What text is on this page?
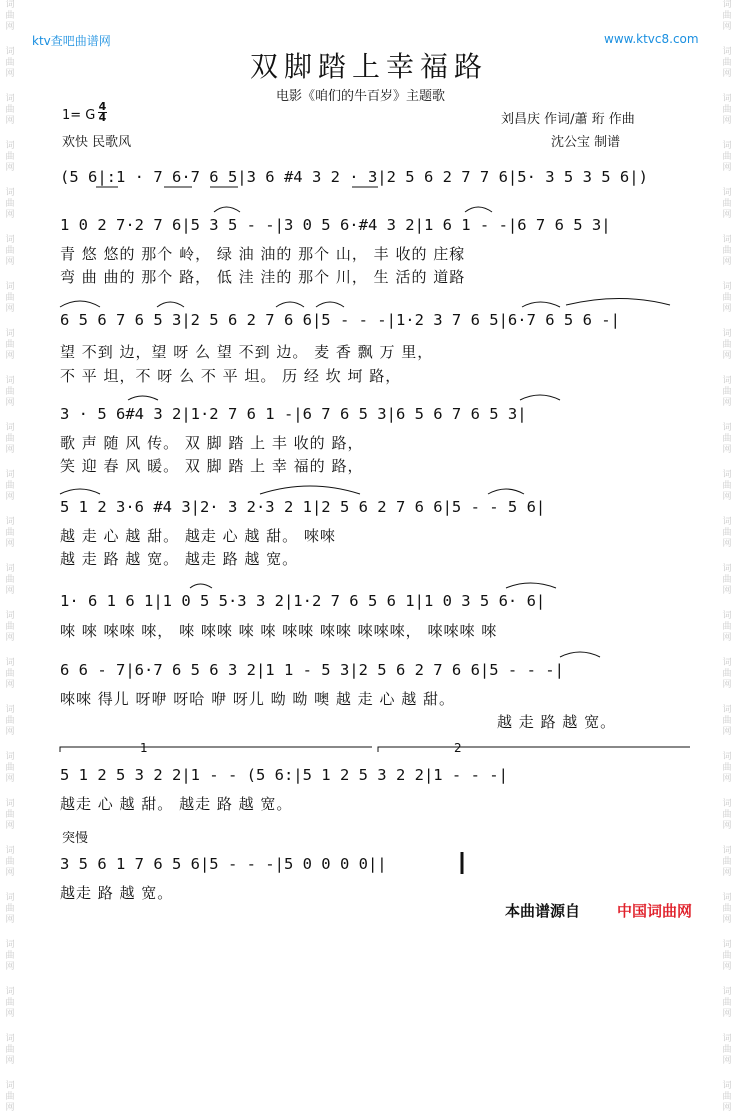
词
曲
网
词
曲
网
词
曲
网
词
曲
网
词
曲
网
词
曲
网
词
曲
网
词
曲
网
词
曲
网
词
曲
网
词
曲
网
词
曲
网
词
曲
网
词
曲
网
词
曲
网
词
曲
网
词
曲
网
词
曲
网
词
曲
网
词
曲
网
词
曲
网
词
曲
网
词
曲
网
词
曲
网
词
曲
网
词
曲
网
词
曲
网
词
曲
网
词
曲
网
词
曲
网
词
曲
网
词
曲
网
词
曲
网
词
曲
网
词
曲
网
词
曲
网
词
曲
网
词
曲
网
词
曲
网
词
曲
网
词
曲
网
词
曲
网
词
曲
网
词
曲
网
词
曲
网
词
曲
网
词
曲
网
词
曲
网
ktv查吧曲谱网	www.ktvc8.com
双脚踏上幸福路
电影《咱们的牛百岁》主题歌
1= G
4
4
欢快 民歌风
刘昌庆 作词/蕭 珩 作曲
沈公宝 制谱
(5 6|:1 · 7 6·7 6 5|3 6 #4 3 2 · 3|2 5 6 2 7 7 6|5· 3 5 3 5 6|)
1 0 2 7·2 7 6|5 3 5 - -|3 0 5 6·#4 3 2|1 6 1 - -|6 7 6 5 3|
青 悠 悠的 那个 岭， 绿 油 油的 那个 山， 丰 收的 庄稼
弯 曲 曲的 那个 路， 低 洼 洼的 那个 川， 生 活的 道路
6 5 6 7 6 5 3|2 5 6 2 7 6 6|5 - - -|1·2 3 7 6 5|6·7 6 5 6 -|
望 不到 边，望 呀 么 望 不到 边。 麦 香 飘 万 里，
不 平 坦，不 呀 么 不 平 坦。 历 经 坎 坷 路，
3 · 5 6#4 3 2|1·2 7 6 1 -|6 7 6 5 3|6 5 6 7 6 5 3|
歌 声 随 风 传。 双 脚 踏 上 丰 收的 路，
笑 迎 春 风 暖。 双 脚 踏 上 幸 福的 路，
5 1 2 3·6 #4 3|2· 3 2·3 2 1|2 5 6 2 7 6 6|5 - - 5 6|
越 走 心 越 甜。 越走 心 越 甜。 唻唻
越 走 路 越 宽。 越走 路 越 宽。
1· 6 1 6 1|1 0 5 5·3 3 2|1·2 7 6 5 6 1|1 0 3 5 6· 6|
唻 唻 唻唻 唻， 唻 唻唻 唻 唻 唻唻 唻唻 唻唻唻， 唻唻唻 唻
6 6 - 7|6·7 6 5 6 3 2|1 1 - 5 3|2 5 6 2 7 6 6|5 - - -|
唻唻 得儿 呀咿 呀哈 咿 呀儿 呦 呦 噢 越 走 心 越 甜。
越 走 路 越 宽。
1	2
5 1 2 5 3 2 2|1 - - (5 6:|5 1 2 5 3 2 2|1 - - -|
越走 心 越 甜。 越走 路 越 宽。
突慢
3 5 6 1 7 6 5 6|5 - - -|5 0 0 0 0||
越走 路 越 宽。
本曲谱源自 中国词曲网
